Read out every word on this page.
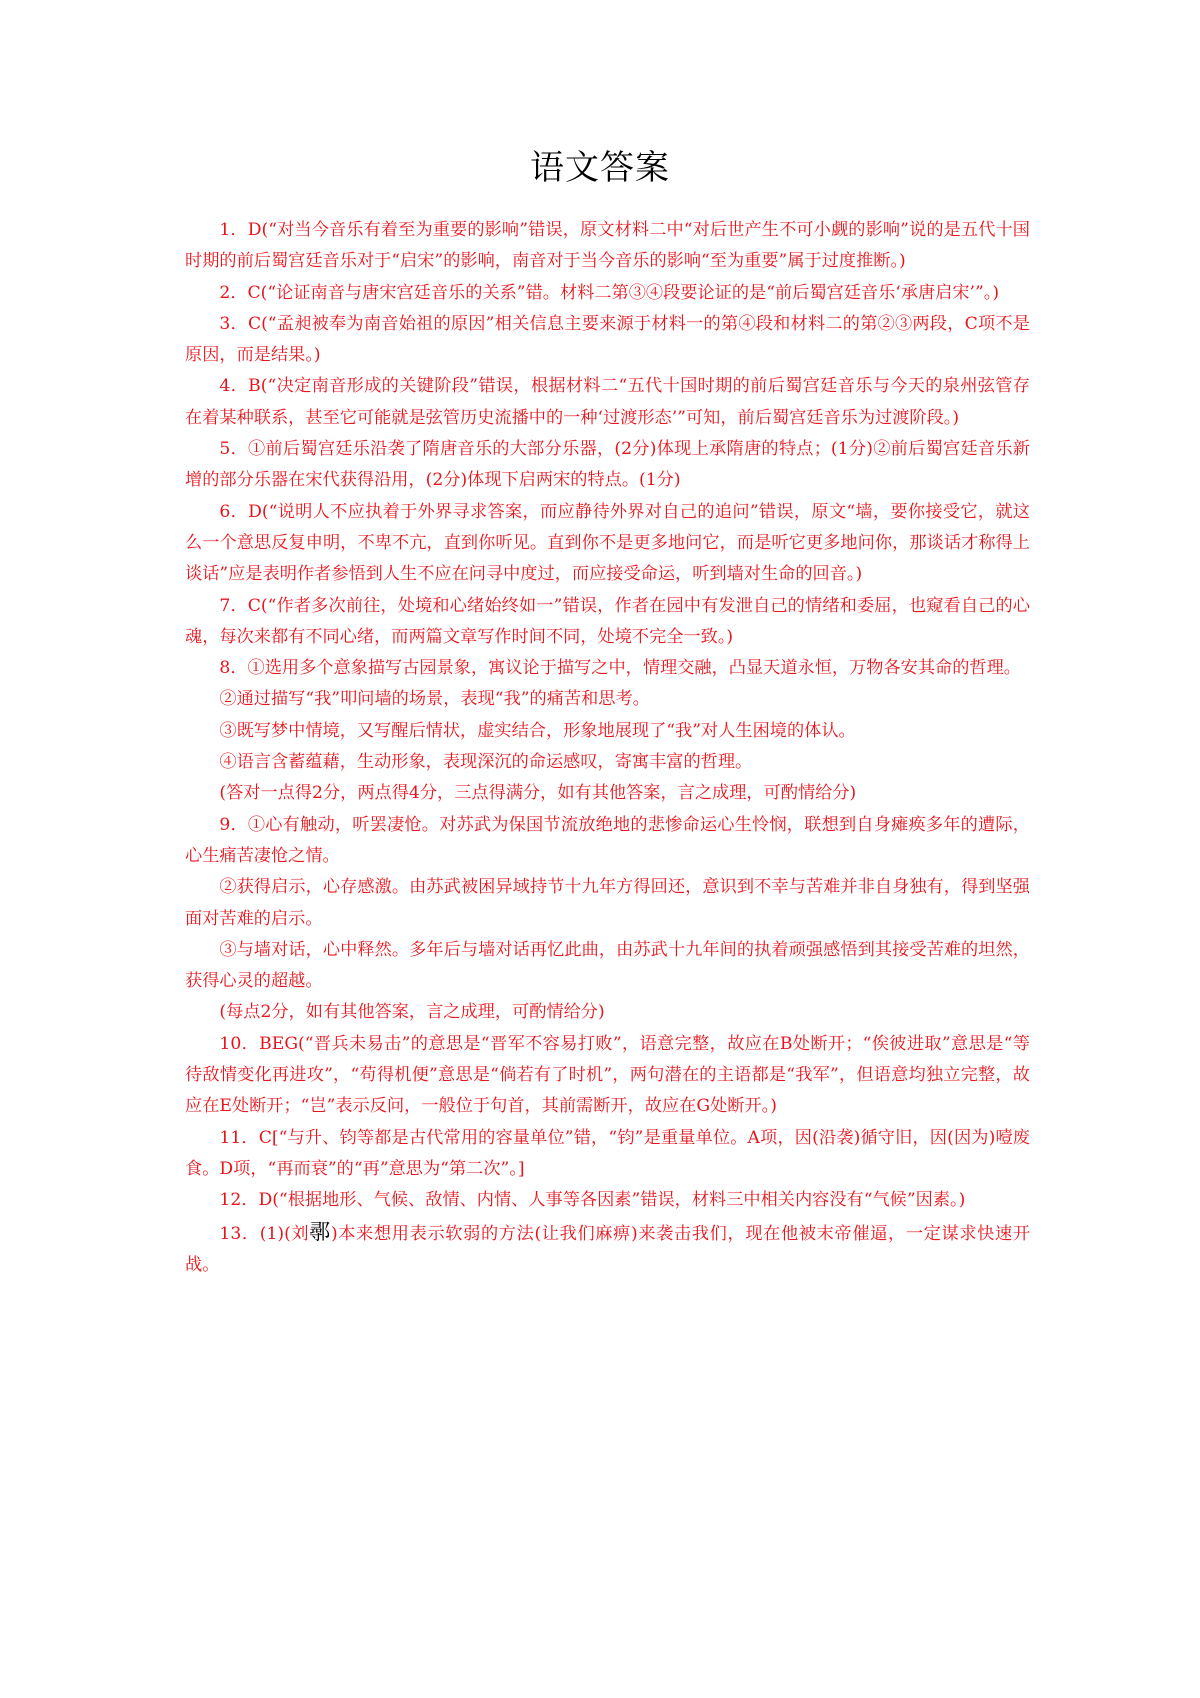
语文答案

1．D(“对当今音乐有着至为重要的影响”错误，原文材料二中“对后世产生不可小觑的影响”说的是五代十国时期的前后蜀宫廷音乐对于“启宋”的影响，南音对于当今音乐的影响“至为重要”属于过度推断。)

2．C(“论证南音与唐宋宫廷音乐的关系”错。材料二第③④段要论证的是“前后蜀宫廷音乐‘承唐启宋’”。)

3．C(“孟昶被奉为南音始祖的原因”相关信息主要来源于材料一的第④段和材料二的第②③两段，C项不是原因，而是结果。)

4．B(“决定南音形成的关键阶段”错误，根据材料二“五代十国时期的前后蜀宫廷音乐与今天的泉州弦管存在着某种联系，甚至它可能就是弦管历史流播中的一种‘过渡形态’”可知，前后蜀宫廷音乐为过渡阶段。)

5．①前后蜀宫廷乐沿袭了隋唐音乐的大部分乐器，(2分)体现上承隋唐的特点；(1分)②前后蜀宫廷音乐新增的部分乐器在宋代获得沿用，(2分)体现下启两宋的特点。(1分)

6．D(“说明人不应执着于外界寻求答案，而应静待外界对自己的追问”错误，原文“墙，要你接受它，就这么一个意思反复申明，不卑不亢，直到你听见。直到你不是更多地问它，而是听它更多地问你，那谈话才称得上谈话”应是表明作者参悟到人生不应在问寻中度过，而应接受命运，听到墙对生命的回音。)

7．C(“作者多次前往，处境和心绪始终如一”错误，作者在园中有发泄自己的情绪和委屈，也窥看自己的心魂，每次来都有不同心绪，而两篇文章写作时间不同，处境不完全一致。)

8．①选用多个意象描写古园景象，寓议论于描写之中，情理交融，凸显天道永恒，万物各安其命的哲理。

②通过描写“我”叩问墙的场景，表现“我”的痛苦和思考。

③既写梦中情境，又写醒后情状，虚实结合，形象地展现了“我”对人生困境的体认。

④语言含蓄蕴藉，生动形象，表现深沉的命运感叹，寄寓丰富的哲理。

(答对一点得2分，两点得4分，三点得满分，如有其他答案，言之成理，可酌情给分)

9．①心有触动，听罢凄怆。对苏武为保国节流放绝地的悲惨命运心生怜悯，联想到自身瘫痪多年的遭际，心生痛苦凄怆之情。

②获得启示，心存感激。由苏武被困异域持节十九年方得回还，意识到不幸与苦难并非自身独有，得到坚强面对苦难的启示。

③与墙对话，心中释然。多年后与墙对话再忆此曲，由苏武十九年间的执着顽强感悟到其接受苦难的坦然，获得心灵的超越。

(每点2分，如有其他答案，言之成理，可酌情给分)

10．BEG(“晋兵未易击”的意思是“晋军不容易打败”，语意完整，故应在B处断开；“俟彼进取”意思是“等待敌情变化再进攻”，“苟得机便”意思是“倘若有了时机”，两句潜在的主语都是“我军”，但语意均独立完整，故应在E处断开；“岂”表示反问，一般位于句首，其前需断开，故应在G处断开。)

11．C[“与升、钧等都是古代常用的容量单位”错，“钧”是重量单位。A项，因(沿袭)循守旧，因(因为)噎废食。D项，“再而衰”的“再”意思为“第二次”。]

12．D(“根据地形、气候、敌情、内情、人事等各因素”错误，材料三中相关内容没有“气候”因素。)

13．(1)(刘鄩)本来想用表示软弱的方法(让我们麻痹)来袭击我们，现在他被末帝催逼，一定谋求快速开战。
